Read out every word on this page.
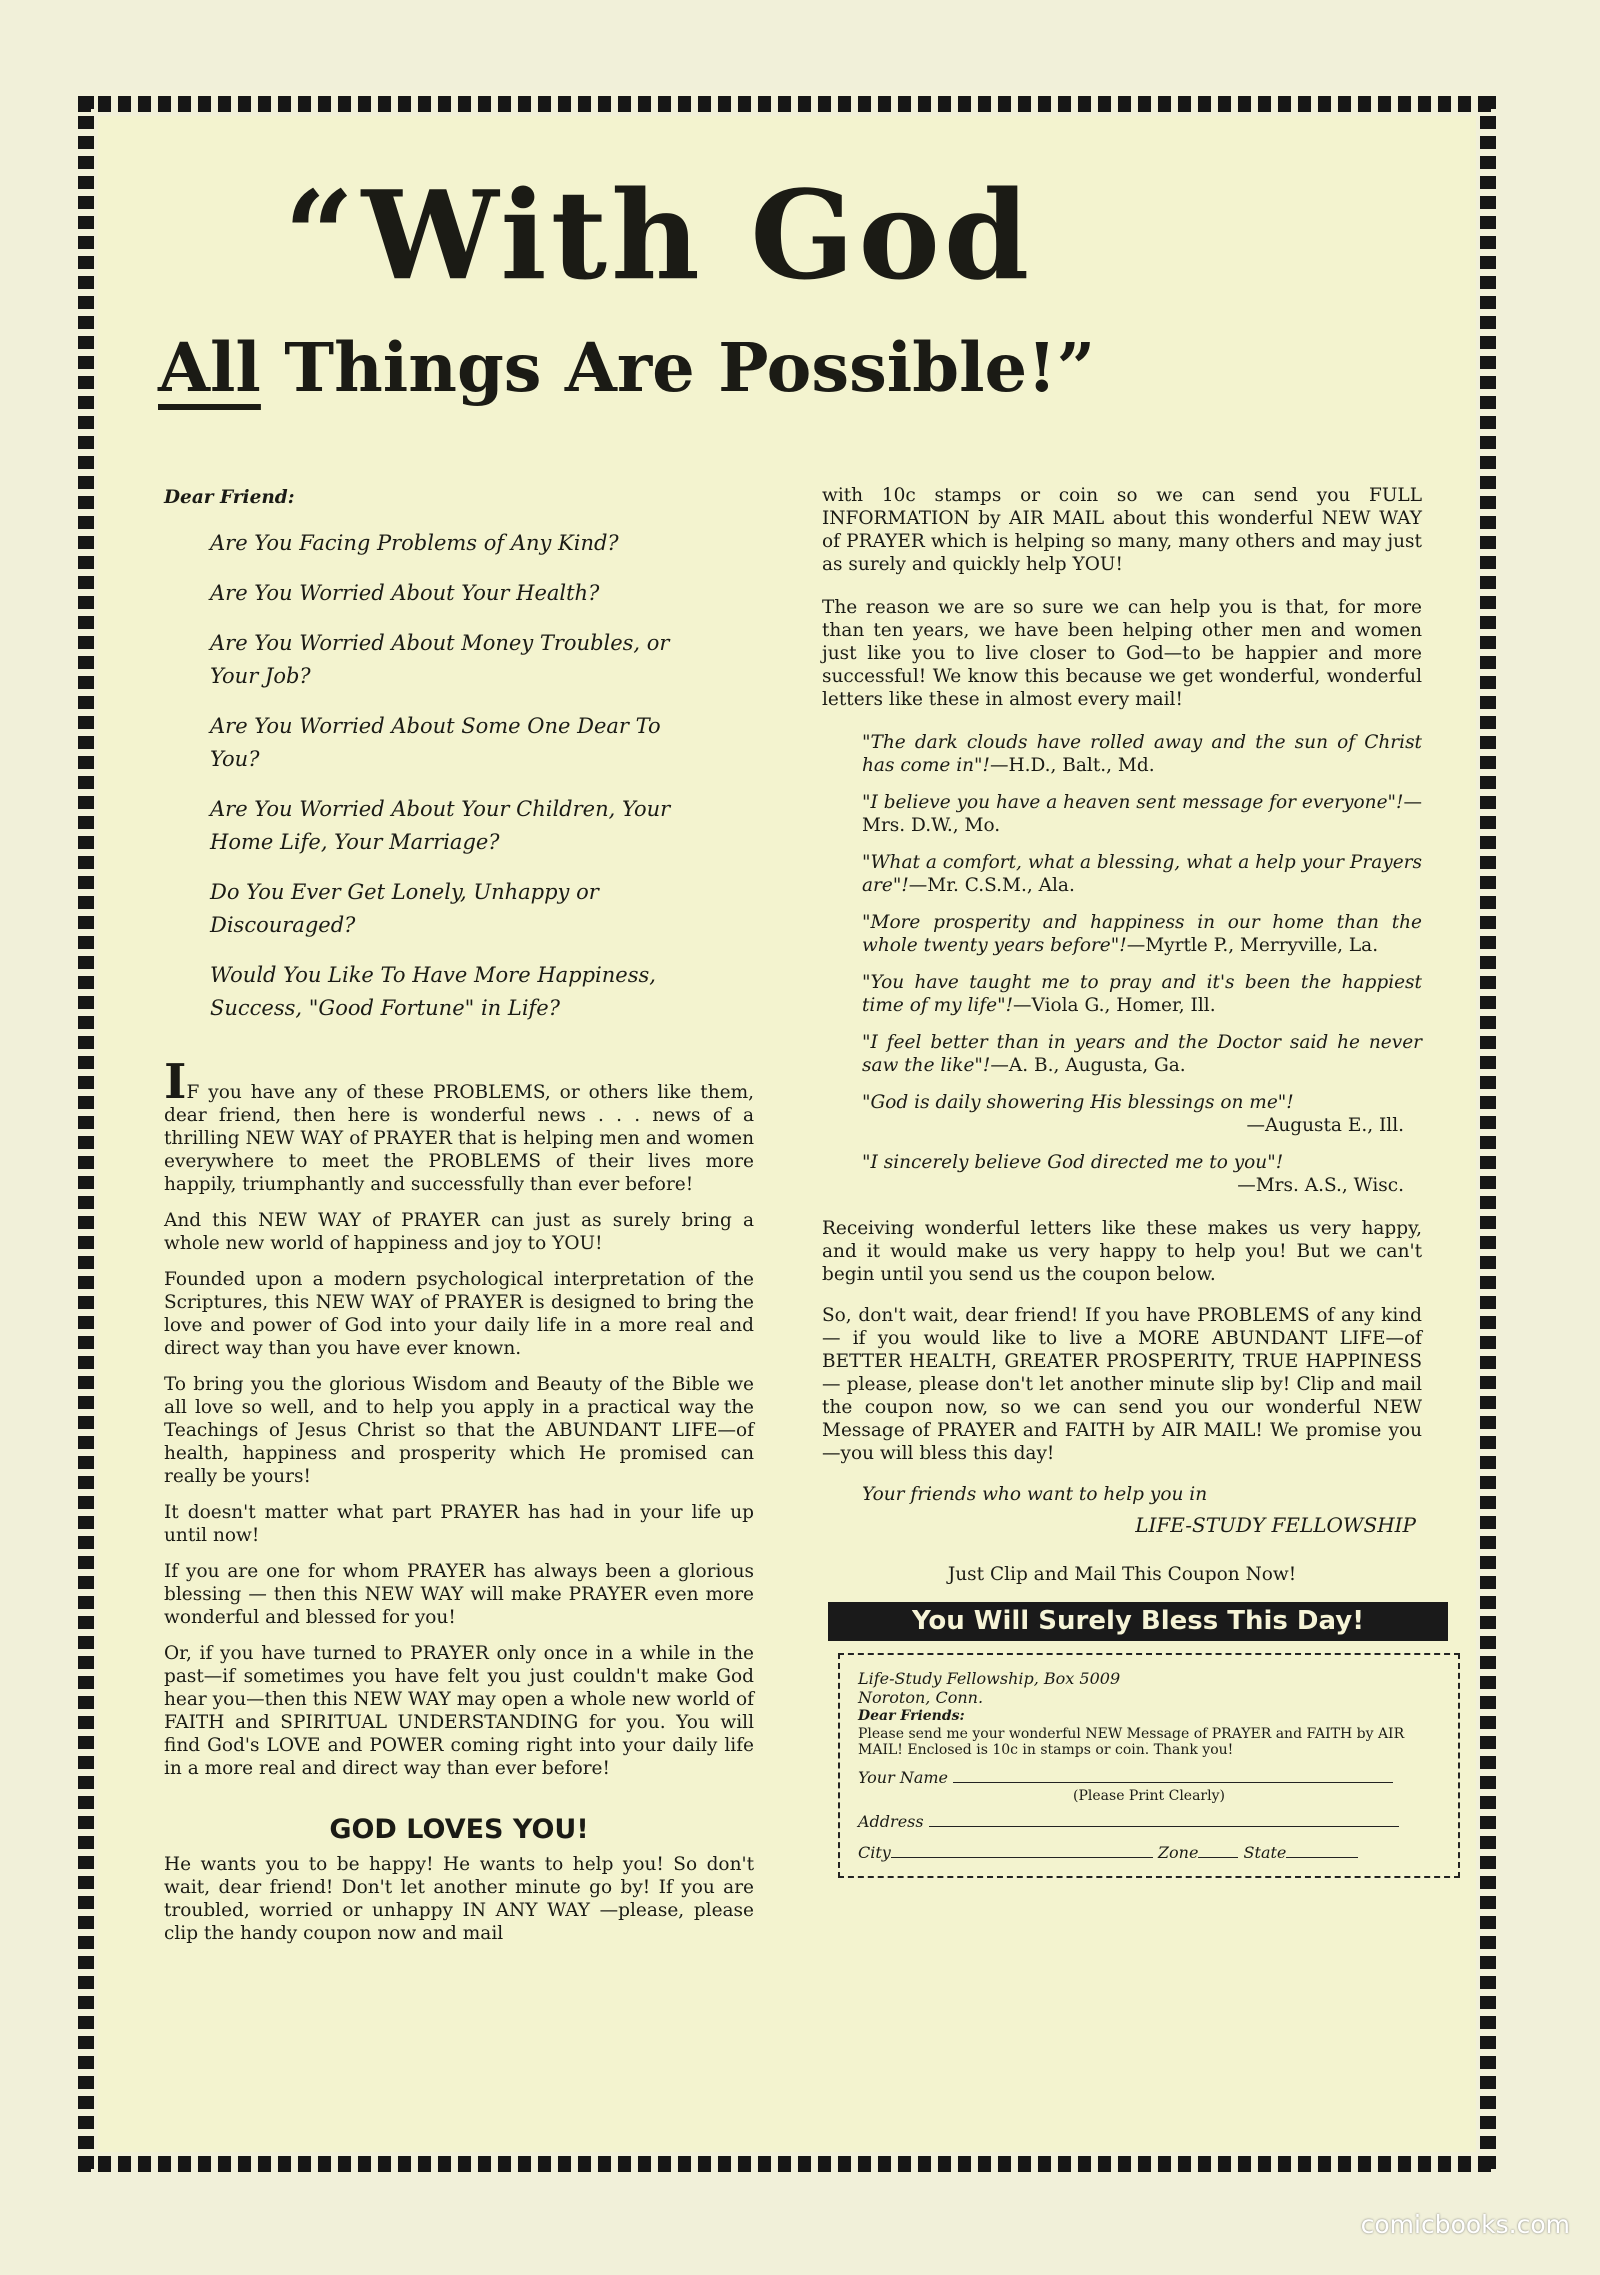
“With God
All Things Are Possible!”
Dear Friend:
Are You Facing Problems of Any Kind?
Are You Worried About Your Health?
Are You Worried About Money Troubles, or Your Job?
Are You Worried About Some One Dear To You?
Are You Worried About Your Children, Your Home Life, Your Marriage?
Do You Ever Get Lonely, Unhappy or Discouraged?
Would You Like To Have More Happiness, Success, "Good Fortune" in Life?
IF you have any of these PROBLEMS, or others like them, dear friend, then here is wonderful news . . . news of a thrilling NEW WAY of PRAYER that is helping men and women everywhere to meet the PROBLEMS of their lives more happily, triumphantly and successfully than ever before!
And this NEW WAY of PRAYER can just as surely bring a whole new world of happiness and joy to YOU!
Founded upon a modern psychological interpretation of the Scriptures, this NEW WAY of PRAYER is designed to bring the love and power of God into your daily life in a more real and direct way than you have ever known.
To bring you the glorious Wisdom and Beauty of the Bible we all love so well, and to help you apply in a practical way the Teachings of Jesus Christ so that the ABUNDANT LIFE—of health, happiness and prosperity which He promised can really be yours!
It doesn't matter what part PRAYER has had in your life up until now!
If you are one for whom PRAYER has always been a glorious blessing — then this NEW WAY will make PRAYER even more wonderful and blessed for you!
Or, if you have turned to PRAYER only once in a while in the past—if sometimes you have felt you just couldn't make God hear you—then this NEW WAY may open a whole new world of FAITH and SPIRITUAL UNDERSTANDING for you. You will find God's LOVE and POWER coming right into your daily life in a more real and direct way than ever before!
GOD LOVES YOU!
He wants you to be happy! He wants to help you! So don't wait, dear friend! Don't let another minute go by! If you are troubled, worried or unhappy IN ANY WAY —please, please clip the handy coupon now and mail
with 10c stamps or coin so we can send you FULL INFORMATION by AIR MAIL about this wonderful NEW WAY of PRAYER which is helping so many, many others and may just as surely and quickly help YOU!
The reason we are so sure we can help you is that, for more than ten years, we have been helping other men and women just like you to live closer to God—to be happier and more successful! We know this because we get wonderful, wonderful letters like these in almost every mail!
"The dark clouds have rolled away and the sun of Christ has come in"!—H.D., Balt., Md.
"I believe you have a heaven sent message for everyone"!—Mrs. D.W., Mo.
"What a comfort, what a blessing, what a help your Prayers are"!—Mr. C.S.M., Ala.
"More prosperity and happiness in our home than the whole twenty years before"!—Myrtle P., Merryville, La.
"You have taught me to pray and it's been the happiest time of my life"!—Viola G., Homer, Ill.
"I feel better than in years and the Doctor said he never saw the like"!—A. B., Augusta, Ga.
"God is daily showering His blessings on me"!
—Augusta E., Ill.
"I sincerely believe God directed me to you"!
—Mrs. A.S., Wisc.
Receiving wonderful letters like these makes us very happy, and it would make us very happy to help you! But we can't begin until you send us the coupon below.
So, don't wait, dear friend! If you have PROBLEMS of any kind — if you would like to live a MORE ABUNDANT LIFE—of BETTER HEALTH, GREATER PROSPERITY, TRUE HAPPINESS — please, please don't let another minute slip by! Clip and mail the coupon now, so we can send you our wonderful NEW Message of PRAYER and FAITH by AIR MAIL! We promise you—you will bless this day!
Your friends who want to help you in
LIFE-STUDY FELLOWSHIP
Just Clip and Mail This Coupon Now!
You Will Surely Bless This Day!
Life-Study Fellowship, Box 5009
Noroton, Conn.
Dear Friends:
Please send me your wonderful NEW Message of PRAYER and FAITH by AIR MAIL! Enclosed is 10c in stamps or coin. Thank you!
Your Name
(Please Print Clearly)
Address
City	Zone	State
comicbooks.com
